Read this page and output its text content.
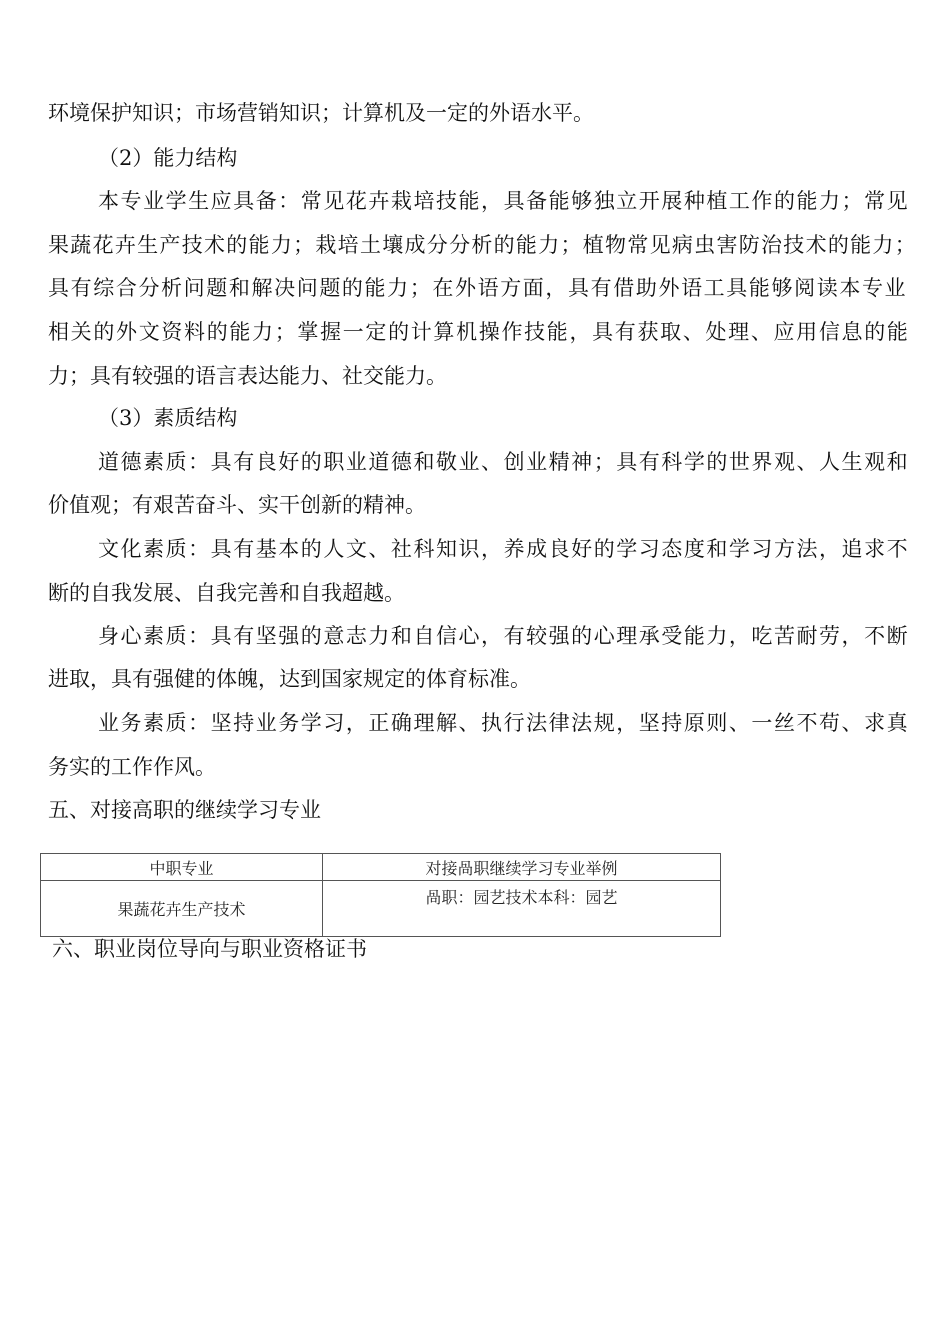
环境保护知识；市场营销知识；计算机及一定的外语水平。
（2）能力结构
本 专 业 学 生 应 具 备 ： 常 见 花 卉 栽 培 技 能 ， 具 备 能 够 独 立 开 展 种 植 工 作 的 能 力 ； 常 见
果 蔬 花 卉 生 产 技 术 的 能 力 ； 栽 培 土 壤 成 分 分 析 的 能 力 ； 植 物 常 见 病 虫 害 防 治 技 术 的 能 力 ；
具 有 综 合 分 析 问 题 和 解 决 问 题 的 能 力 ； 在 外 语 方 面 ， 具 有 借 助 外 语 工 具 能 够 阅 读 本 专 业
相 关 的 外 文 资 料 的 能 力 ； 掌 握 一 定 的 计 算 机 操 作 技 能 ， 具 有 获 取 、 处 理 、 应 用 信 息 的 能
力；具有较强的语言表达能力、社交能力。
（3）素质结构
道 德 素 质 ： 具 有 良 好 的 职 业 道 德 和 敬 业 、 创 业 精 神 ； 具 有 科 学 的 世 界 观 、 人 生 观 和
价值观；有艰苦奋斗、实干创新的精神。
文 化 素 质 ： 具 有 基 本 的 人 文 、 社 科 知 识 ， 养 成 良 好 的 学 习 态 度 和 学 习 方 法 ， 追 求 不
断的自我发展、自我完善和自我超越。
身 心 素 质 ： 具 有 坚 强 的 意 志 力 和 自 信 心 ， 有 较 强 的 心 理 承 受 能 力 ， 吃 苦 耐 劳 ， 不 断
进取，具有强健的体魄，达到国家规定的体育标准。
业 务 素 质 ： 坚 持 业 务 学 习 ， 正 确 理 解 、 执 行 法 律 法 规 ， 坚 持 原 则 、 一 丝 不 苟 、 求 真
务实的工作作风。
五、对接高职的继续学习专业
中职专业	对接咼职继续学习专业举例
果蔬花卉生产技术	咼职：园艺技术本科：园艺
六、职业岗位导向与职业资格证书
